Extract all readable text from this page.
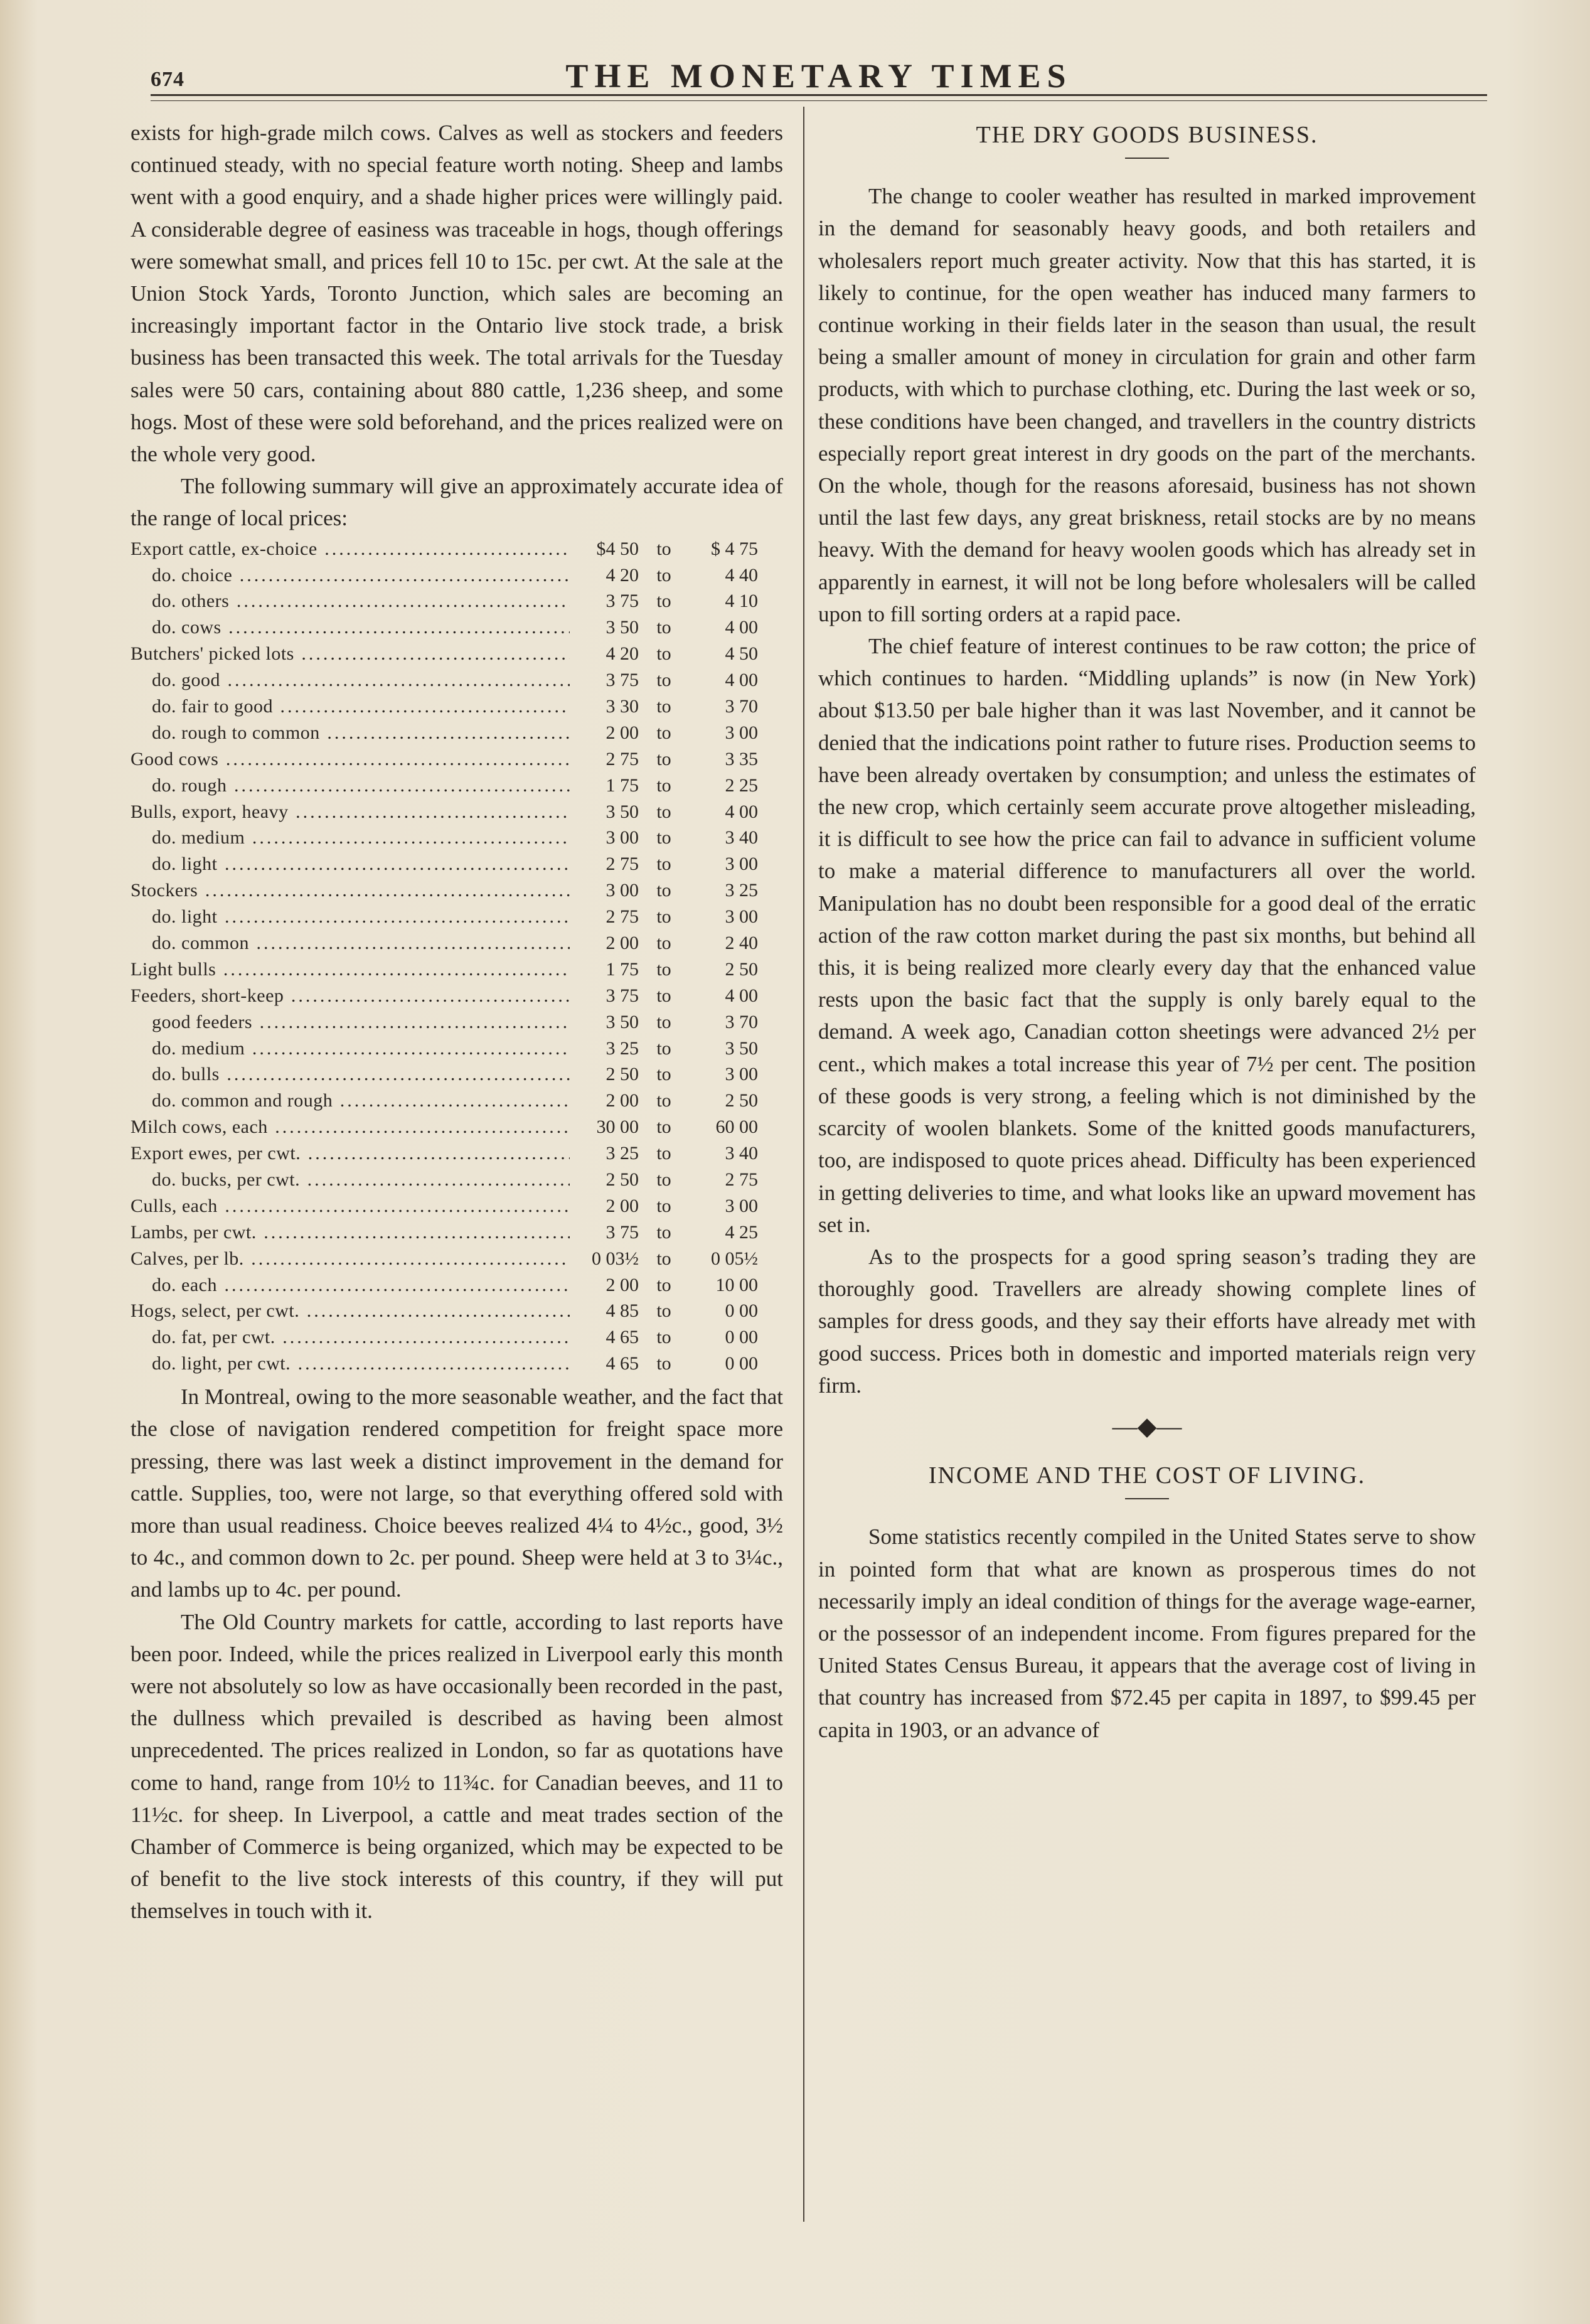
674	THE MONETARY TIMES

exists for high-grade milch cows. Calves as well as stockers and feeders continued steady, with no special feature worth noting. Sheep and lambs went with a good enquiry, and a shade higher prices were willingly paid. A considerable degree of easiness was traceable in hogs, though offerings were somewhat small, and prices fell 10 to 15c. per cwt. At the sale at the Union Stock Yards, Toronto Junction, which sales are becoming an increasingly important factor in the Ontario live stock trade, a brisk business has been transacted this week. The total arrivals for the Tuesday sales were 50 cars, containing about 880 cattle, 1,236 sheep, and some hogs. Most of these were sold beforehand, and the prices realized were on the whole very good.

The following summary will give an approximately accurate idea of the range of local prices:

Export cattle, ex-choice .....	$4 50 to	$ 4 75
do. choice .....	4 20 to	4 40
do. others .....	3 75 to	4 10
do. cows .....	3 50 to	4 00
Butchers' picked lots .....	4 20 to	4 50
do. good .....	3 75 to	4 00
do. fair to good .....	3 30 to	3 70
do. rough to common .....	2 00 to	3 00
Good cows .....	2 75 to	3 35
do. rough .....	1 75 to	2 25
Bulls, export, heavy .....	3 50 to	4 00
do. medium .....	3 00 to	3 40
do. light .....	2 75 to	3 00
Stockers .....	3 00 to	3 25
do. light .....	2 75 to	3 00
do. common .....	2 00 to	2 40
Light bulls .....	1 75 to	2 50
Feeders, short-keep .....	3 75 to	4 00
good feeders .....	3 50 to	3 70
do. medium .....	3 25 to	3 50
do. bulls .....	2 50 to	3 00
do. common and rough .....	2 00 to	2 50
Milch cows, each .....	30 00 to	60 00
Export ewes, per cwt. .....	3 25 to	3 40
do. bucks, per cwt. .....	2 50 to	2 75
Culls, each .....	2 00 to	3 00
Lambs, per cwt. .....	3 75 to	4 25
Calves, per lb. .....	0 03½ to	0 05½
do. each .....	2 00 to	10 00
Hogs, select, per cwt. .....	4 85 to	0 00
do. fat, per cwt. .....	4 65 to	0 00
do. light, per cwt. .....	4 65 to	0 00

In Montreal, owing to the more seasonable weather, and the fact that the close of navigation rendered competition for freight space more pressing, there was last week a distinct improvement in the demand for cattle. Supplies, too, were not large, so that everything offered sold with more than usual readiness. Choice beeves realized 4¼ to 4½c., good, 3½ to 4c., and common down to 2c. per pound. Sheep were held at 3 to 3¼c., and lambs up to 4c. per pound.

The Old Country markets for cattle, according to last reports have been poor. Indeed, while the prices realized in Liverpool early this month were not absolutely so low as have occasionally been recorded in the past, the dullness which prevailed is described as having been almost unprecedented. The prices realized in London, so far as quotations have come to hand, range from 10½ to 11¾c. for Canadian beeves, and 11 to 11½c. for sheep. In Liverpool, a cattle and meat trades section of the Chamber of Commerce is being organized, which may be expected to be of benefit to the live stock interests of this country, if they will put themselves in touch with it.

THE DRY GOODS BUSINESS.

The change to cooler weather has resulted in marked improvement in the demand for seasonably heavy goods, and both retailers and wholesalers report much greater activity. Now that this has started, it is likely to continue, for the open weather has induced many farmers to continue working in their fields later in the season than usual, the result being a smaller amount of money in circulation for grain and other farm products, with which to purchase clothing, etc. During the last week or so, these conditions have been changed, and travellers in the country districts especially report great interest in dry goods on the part of the merchants. On the whole, though for the reasons aforesaid, business has not shown until the last few days, any great briskness, retail stocks are by no means heavy. With the demand for heavy woolen goods which has already set in apparently in earnest, it will not be long before wholesalers will be called upon to fill sorting orders at a rapid pace.

The chief feature of interest continues to be raw cotton; the price of which continues to harden. “Middling uplands” is now (in New York) about $13.50 per bale higher than it was last November, and it cannot be denied that the indications point rather to future rises. Production seems to have been already overtaken by consumption; and unless the estimates of the new crop, which certainly seem accurate prove altogether misleading, it is difficult to see how the price can fail to advance in sufficient volume to make a material difference to manufacturers all over the world. Manipulation has no doubt been responsible for a good deal of the erratic action of the raw cotton market during the past six months, but behind all this, it is being realized more clearly every day that the enhanced value rests upon the basic fact that the supply is only barely equal to the demand. A week ago, Canadian cotton sheetings were advanced 2½ per cent., which makes a total increase this year of 7½ per cent. The position of these goods is very strong, a feeling which is not diminished by the scarcity of woolen blankets. Some of the knitted goods manufacturers, too, are indisposed to quote prices ahead. Difficulty has been experienced in getting deliveries to time, and what looks like an upward movement has set in.

As to the prospects for a good spring season’s trading they are thoroughly good. Travellers are already showing complete lines of samples for dress goods, and they say their efforts have already met with good success. Prices both in domestic and imported materials reign very firm.

—◆—
INCOME AND THE COST OF LIVING.

Some statistics recently compiled in the United States serve to show in pointed form that what are known as prosperous times do not necessarily imply an ideal condition of things for the average wage-earner, or the possessor of an independent income. From figures prepared for the United States Census Bureau, it appears that the average cost of living in that country has increased from $72.45 per capita in 1897, to $99.45 per capita in 1903, or an advance of
